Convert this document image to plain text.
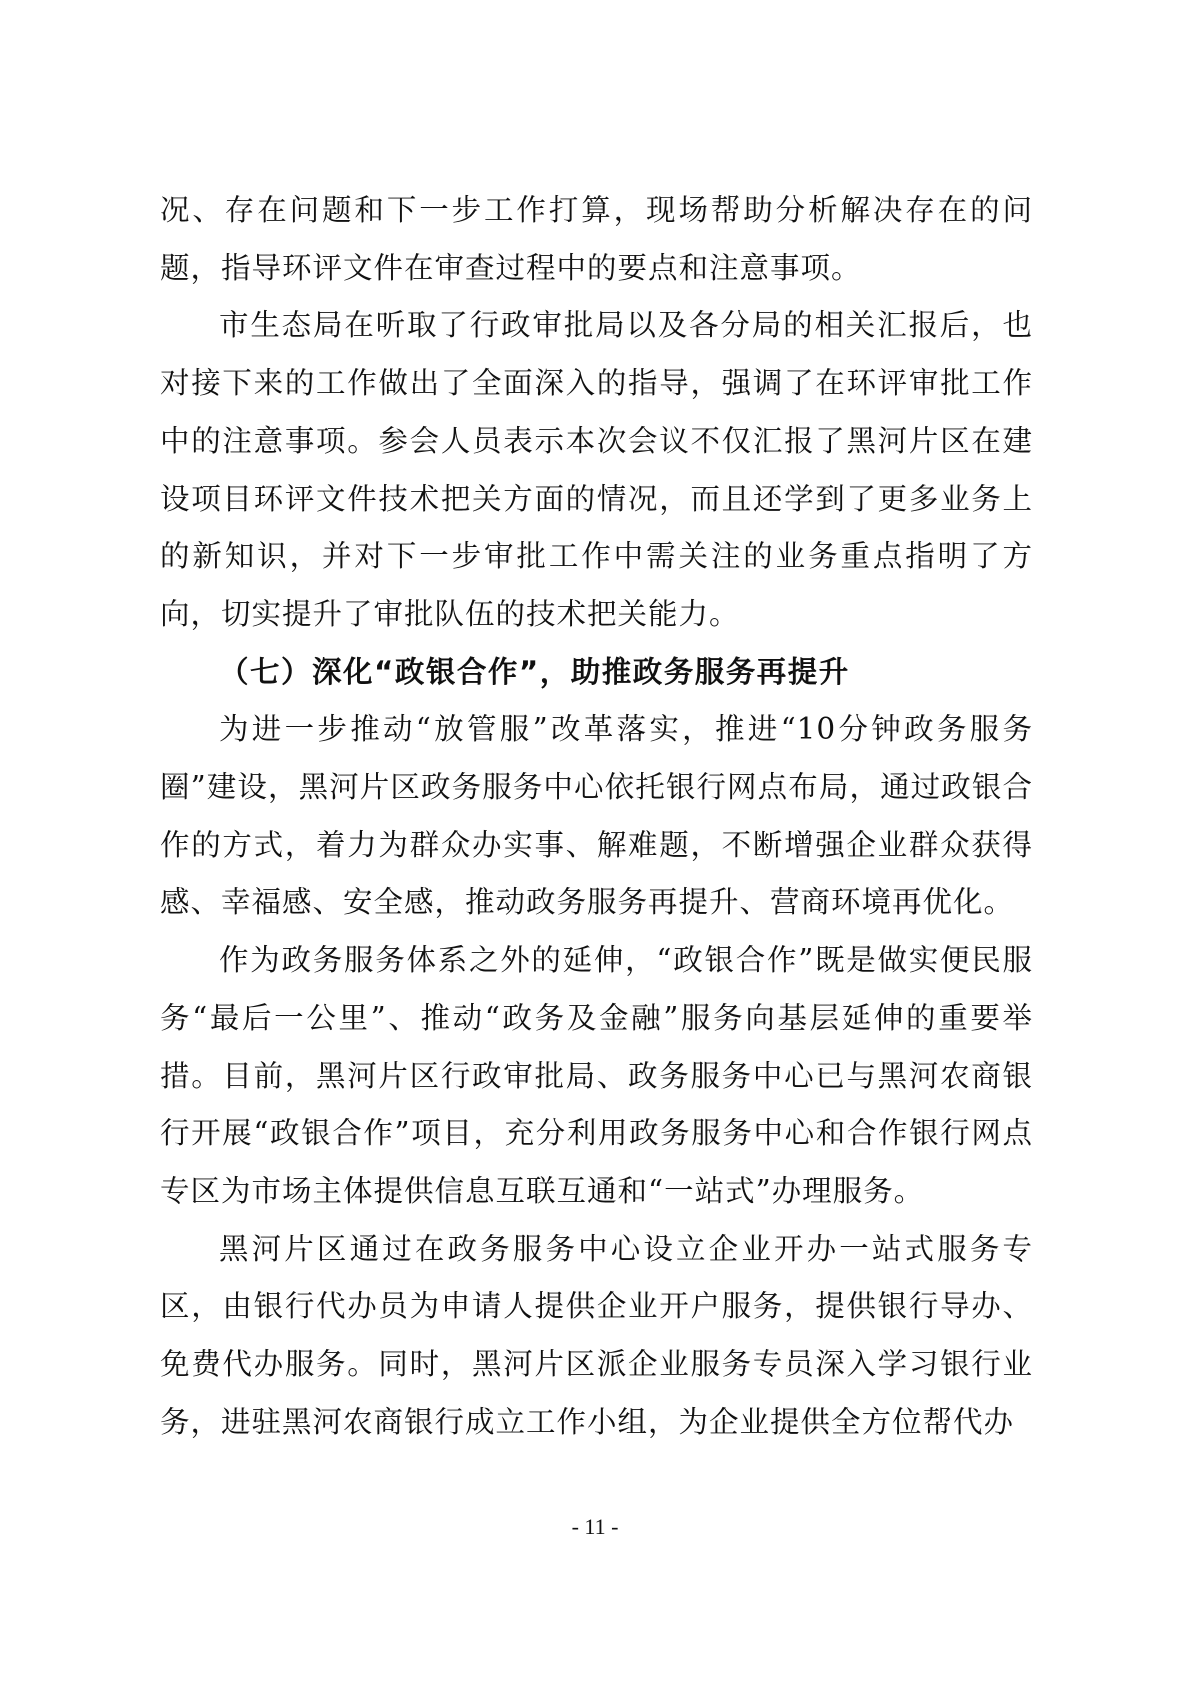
况、存在问题和下一步工作打算，现场帮助分析解决存在的问题，指导环评文件在审查过程中的要点和注意事项。

市生态局在听取了行政审批局以及各分局的相关汇报后，也对接下来的工作做出了全面深入的指导，强调了在环评审批工作中的注意事项。参会人员表示本次会议不仅汇报了黑河片区在建设项目环评文件技术把关方面的情况，而且还学到了更多业务上的新知识，并对下一步审批工作中需关注的业务重点指明了方向，切实提升了审批队伍的技术把关能力。

（七）深化“政银合作”，助推政务服务再提升

为进一步推动“放管服”改革落实，推进“10分钟政务服务圈”建设，黑河片区政务服务中心依托银行网点布局，通过政银合作的方式，着力为群众办实事、解难题，不断增强企业群众获得感、幸福感、安全感，推动政务服务再提升、营商环境再优化。

作为政务服务体系之外的延伸，“政银合作”既是做实便民服务“最后一公里”、推动“政务及金融”服务向基层延伸的重要举措。目前，黑河片区行政审批局、政务服务中心已与黑河农商银行开展“政银合作”项目，充分利用政务服务中心和合作银行网点专区为市场主体提供信息互联互通和“一站式”办理服务。

黑河片区通过在政务服务中心设立企业开办一站式服务专区，由银行代办员为申请人提供企业开户服务，提供银行导办、免费代办服务。同时，黑河片区派企业服务专员深入学习银行业务，进驻黑河农商银行成立工作小组，为企业提供全方位帮代办

- 11 -
